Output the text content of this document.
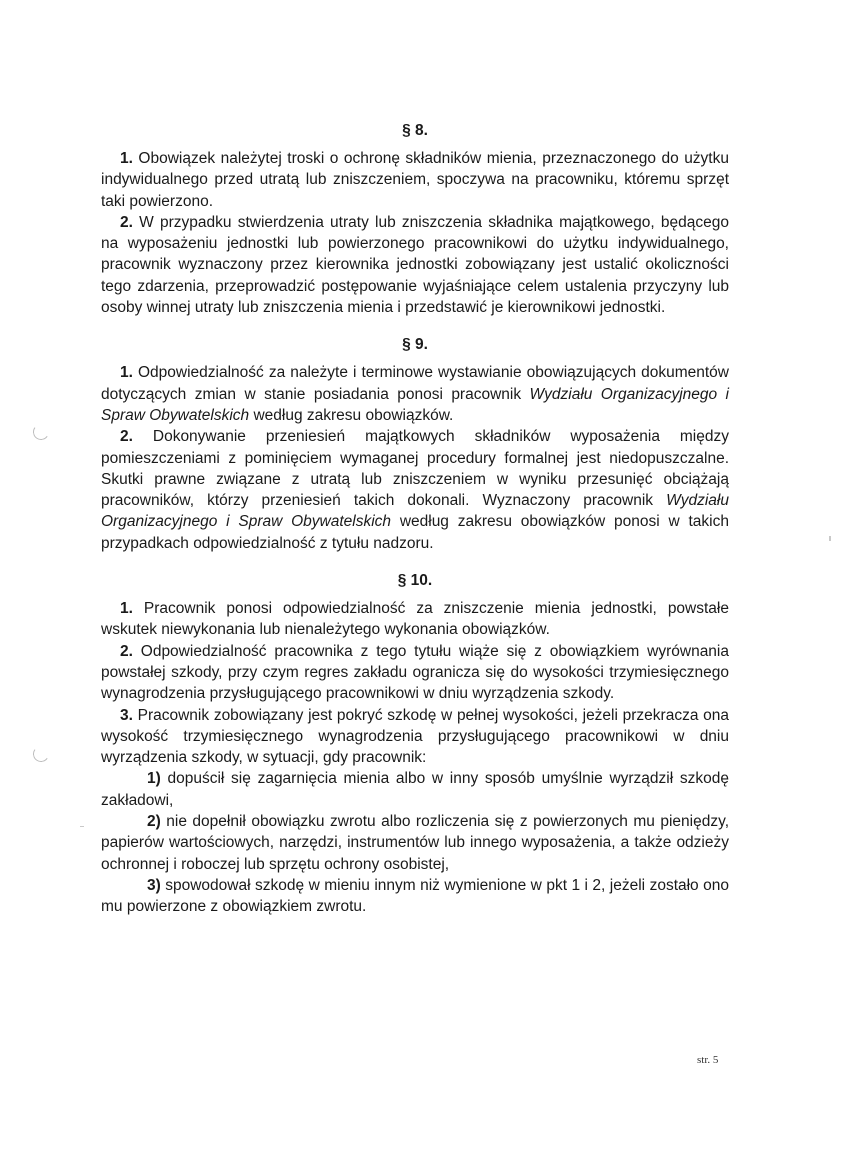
§ 8.

1. Obowiązek należytej troski o ochronę składników mienia, przeznaczonego do użytku indywidualnego przed utratą lub zniszczeniem, spoczywa na pracowniku, któremu sprzęt taki powierzono.

2. W przypadku stwierdzenia utraty lub zniszczenia składnika majątkowego, będącego na wyposażeniu jednostki lub powierzonego pracownikowi do użytku indywidualnego, pracownik wyznaczony przez kierownika jednostki zobowiązany jest ustalić okoliczności tego zdarzenia, przeprowadzić postępowanie wyjaśniające celem ustalenia przyczyny lub osoby winnej utraty lub zniszczenia mienia i przedstawić je kierownikowi jednostki.

§ 9.

1. Odpowiedzialność za należyte i terminowe wystawianie obowiązujących dokumentów dotyczących zmian w stanie posiadania ponosi pracownik Wydziału Organizacyjnego i Spraw Obywatelskich według zakresu obowiązków.

2. Dokonywanie przeniesień majątkowych składników wyposażenia między pomieszczeniami z pominięciem wymaganej procedury formalnej jest niedopuszczalne. Skutki prawne związane z utratą lub zniszczeniem w wyniku przesunięć obciążają pracowników, którzy przeniesień takich dokonali. Wyznaczony pracownik Wydziału Organizacyjnego i Spraw Obywatelskich według zakresu obowiązków ponosi w takich przypadkach odpowiedzialność z tytułu nadzoru.

§ 10.

1. Pracownik ponosi odpowiedzialność za zniszczenie mienia jednostki, powstałe wskutek niewykonania lub nienależytego wykonania obowiązków.

2. Odpowiedzialność pracownika z tego tytułu wiąże się z obowiązkiem wyrównania powstałej szkody, przy czym regres zakładu ogranicza się do wysokości trzymiesięcznego wynagrodzenia przysługującego pracownikowi w dniu wyrządzenia szkody.

3. Pracownik zobowiązany jest pokryć szkodę w pełnej wysokości, jeżeli przekracza ona wysokość trzymiesięcznego wynagrodzenia przysługującego pracownikowi w dniu wyrządzenia szkody, w sytuacji, gdy pracownik:

1) dopuścił się zagarnięcia mienia albo w inny sposób umyślnie wyrządził szkodę zakładowi,

2) nie dopełnił obowiązku zwrotu albo rozliczenia się z powierzonych mu pieniędzy, papierów wartościowych, narzędzi, instrumentów lub innego wyposażenia, a także odzieży ochronnej i roboczej lub sprzętu ochrony osobistej,

3) spowodował szkodę w mieniu innym niż wymienione w pkt 1 i 2, jeżeli zostało ono mu powierzone z obowiązkiem zwrotu.

str. 5
